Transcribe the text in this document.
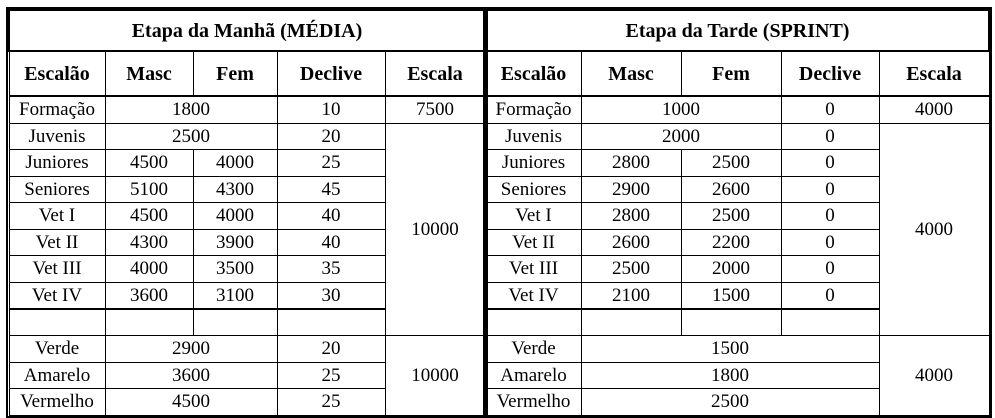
Etapa da Manhã (MÉDIA)				
Escalão	Masc	Fem	Declive	Escala
Formação	1800		10	7500
Juvenis	2500		20	10000
Juniores	4500	4000	25	
Seniores	5100	4300	45	
Vet I	4500	4000	40	
Vet II	4300	3900	40	
Vet III	4000	3500	35	
Vet IV	3600	3100	30	

Verde	2900		20	10000
Amarelo	3600		25	
Vermelho	4500		25	
Etapa da Tarde (SPRINT)				
Escalão	Masc	Fem	Declive	Escala
Formação	1000		0	4000
Juvenis	2000		0	4000
Juniores	2800	2500	0	
Seniores	2900	2600	0	
Vet I	2800	2500	0	
Vet II	2600	2200	0	
Vet III	2500	2000	0	
Vet IV	2100	1500	0	

Verde	1500			4000
Amarelo	1800			
Vermelho	2500			
